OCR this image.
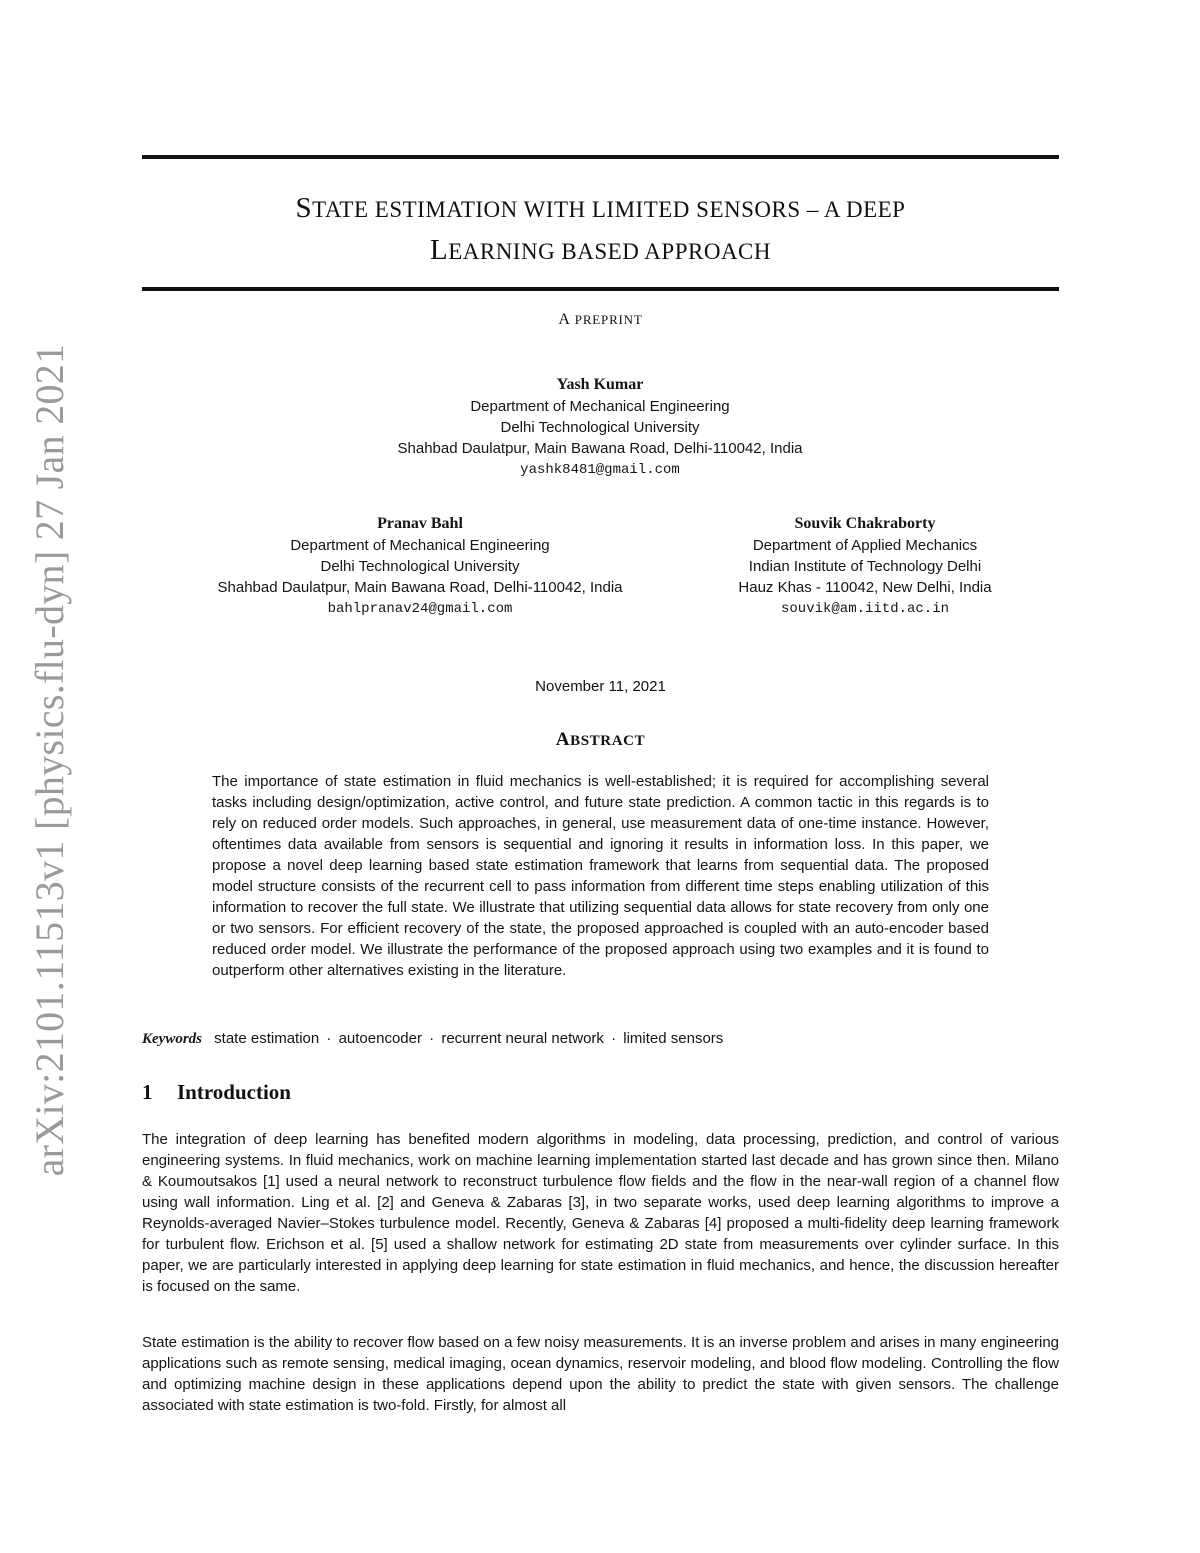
arXiv:2101.11513v1 [physics.flu-dyn] 27 Jan 2021
STATE ESTIMATION WITH LIMITED SENSORS – A DEEP
LEARNING BASED APPROACH
A PREPRINT
Yash Kumar
Department of Mechanical Engineering
Delhi Technological University
Shahbad Daulatpur, Main Bawana Road, Delhi-110042, India
yashk8481@gmail.com
Pranav Bahl
Department of Mechanical Engineering
Delhi Technological University
Shahbad Daulatpur, Main Bawana Road, Delhi-110042, India
bahlpranav24@gmail.com
Souvik Chakraborty
Department of Applied Mechanics
Indian Institute of Technology Delhi
Hauz Khas - 110042, New Delhi, India
souvik@am.iitd.ac.in
November 11, 2021
ABSTRACT
The importance of state estimation in fluid mechanics is well-established; it is required for accomplishing several tasks including design/optimization, active control, and future state prediction. A common tactic in this regards is to rely on reduced order models. Such approaches, in general, use measurement data of one-time instance. However, oftentimes data available from sensors is sequential and ignoring it results in information loss. In this paper, we propose a novel deep learning based state estimation framework that learns from sequential data. The proposed model structure consists of the recurrent cell to pass information from different time steps enabling utilization of this information to recover the full state. We illustrate that utilizing sequential data allows for state recovery from only one or two sensors. For efficient recovery of the state, the proposed approached is coupled with an auto-encoder based reduced order model. We illustrate the performance of the proposed approach using two examples and it is found to outperform other alternatives existing in the literature.
Keywords state estimation · autoencoder · recurrent neural network · limited sensors
1 Introduction
The integration of deep learning has benefited modern algorithms in modeling, data processing, prediction, and control of various engineering systems. In fluid mechanics, work on machine learning implementation started last decade and has grown since then. Milano & Koumoutsakos [1] used a neural network to reconstruct turbulence flow fields and the flow in the near-wall region of a channel flow using wall information. Ling et al. [2] and Geneva & Zabaras [3], in two separate works, used deep learning algorithms to improve a Reynolds-averaged Navier–Stokes turbulence model. Recently, Geneva & Zabaras [4] proposed a multi-fidelity deep learning framework for turbulent flow. Erichson et al. [5] used a shallow network for estimating 2D state from measurements over cylinder surface. In this paper, we are particularly interested in applying deep learning for state estimation in fluid mechanics, and hence, the discussion hereafter is focused on the same.
State estimation is the ability to recover flow based on a few noisy measurements. It is an inverse problem and arises in many engineering applications such as remote sensing, medical imaging, ocean dynamics, reservoir modeling, and blood flow modeling. Controlling the flow and optimizing machine design in these applications depend upon the ability to predict the state with given sensors. The challenge associated with state estimation is two-fold. Firstly, for almost all
